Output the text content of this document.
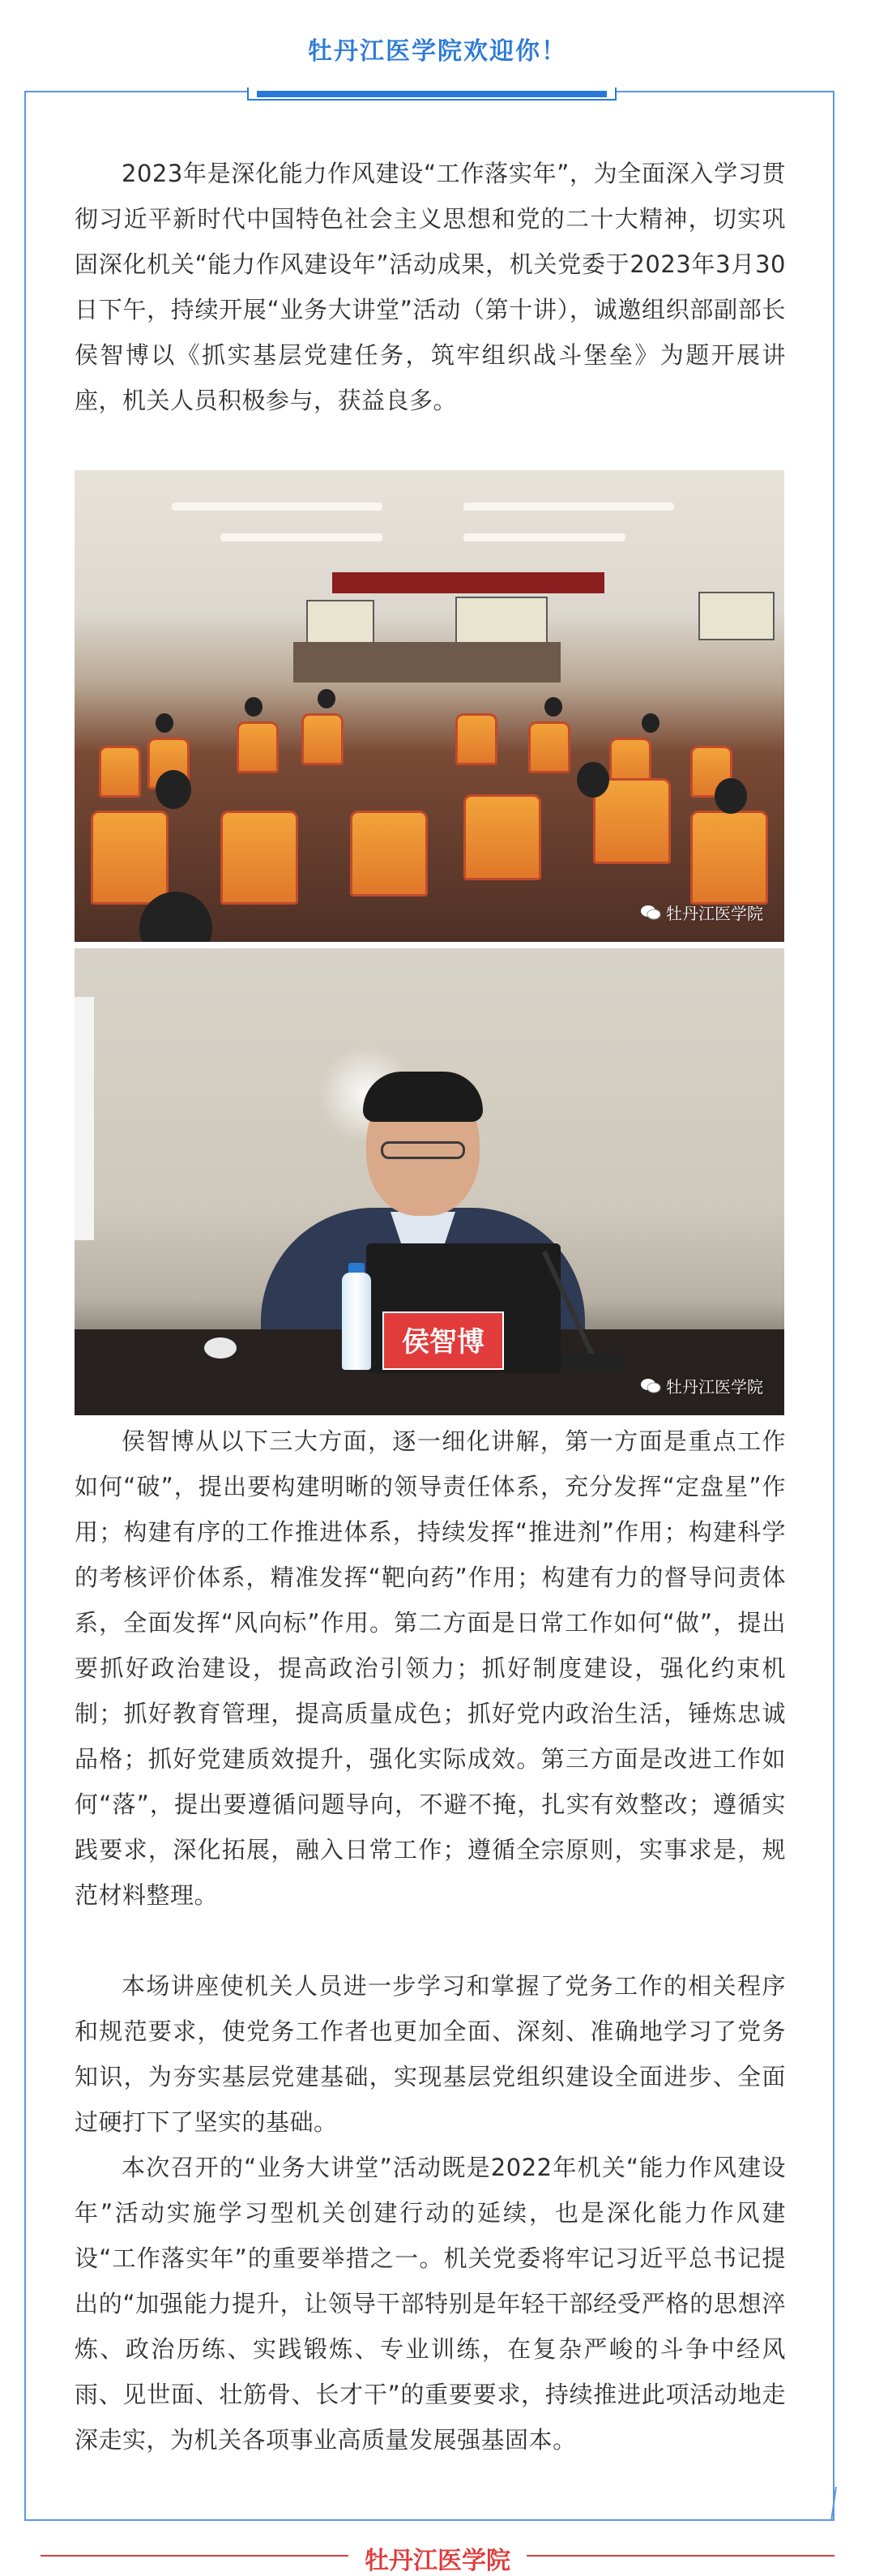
牡丹江医学院欢迎你！

2023年是深化能力作风建设“工作落实年”，为全面深入学习贯彻习近平新时代中国特色社会主义思想和党的二十大精神，切实巩固深化机关“能力作风建设年”活动成果，机关党委于2023年3月30日下午，持续开展“业务大讲堂”活动（第十讲），诚邀组织部副部长侯智博以《抓实基层党建任务，筑牢组织战斗堡垒》为题开展讲座，机关人员积极参与，获益良多。

牡丹江医学院
侯智博
牡丹江医学院

侯智博从以下三大方面，逐一细化讲解，第一方面是重点工作如何“破”，提出要构建明晰的领导责任体系，充分发挥“定盘星”作用；构建有序的工作推进体系，持续发挥“推进剂”作用；构建科学的考核评价体系，精准发挥“靶向药”作用；构建有力的督导问责体系，全面发挥“风向标”作用。第二方面是日常工作如何“做”，提出要抓好政治建设，提高政治引领力；抓好制度建设，强化约束机制；抓好教育管理，提高质量成色；抓好党内政治生活，锤炼忠诚品格；抓好党建质效提升，强化实际成效。第三方面是改进工作如何“落”，提出要遵循问题导向，不避不掩，扎实有效整改；遵循实践要求，深化拓展，融入日常工作；遵循全宗原则，实事求是，规范材料整理。

本场讲座使机关人员进一步学习和掌握了党务工作的相关程序和规范要求，使党务工作者也更加全面、深刻、准确地学习了党务知识，为夯实基层党建基础，实现基层党组织建设全面进步、全面过硬打下了坚实的基础。

本次召开的“业务大讲堂”活动既是2022年机关“能力作风建设年”活动实施学习型机关创建行动的延续，也是深化能力作风建设“工作落实年”的重要举措之一。机关党委将牢记习近平总书记提出的“加强能力提升，让领导干部特别是年轻干部经受严格的思想淬炼、政治历练、实践锻炼、专业训练，在复杂严峻的斗争中经风雨、见世面、壮筋骨、长才干”的重要要求，持续推进此项活动地走深走实，为机关各项事业高质量发展强基固本。

牡丹江医学院
